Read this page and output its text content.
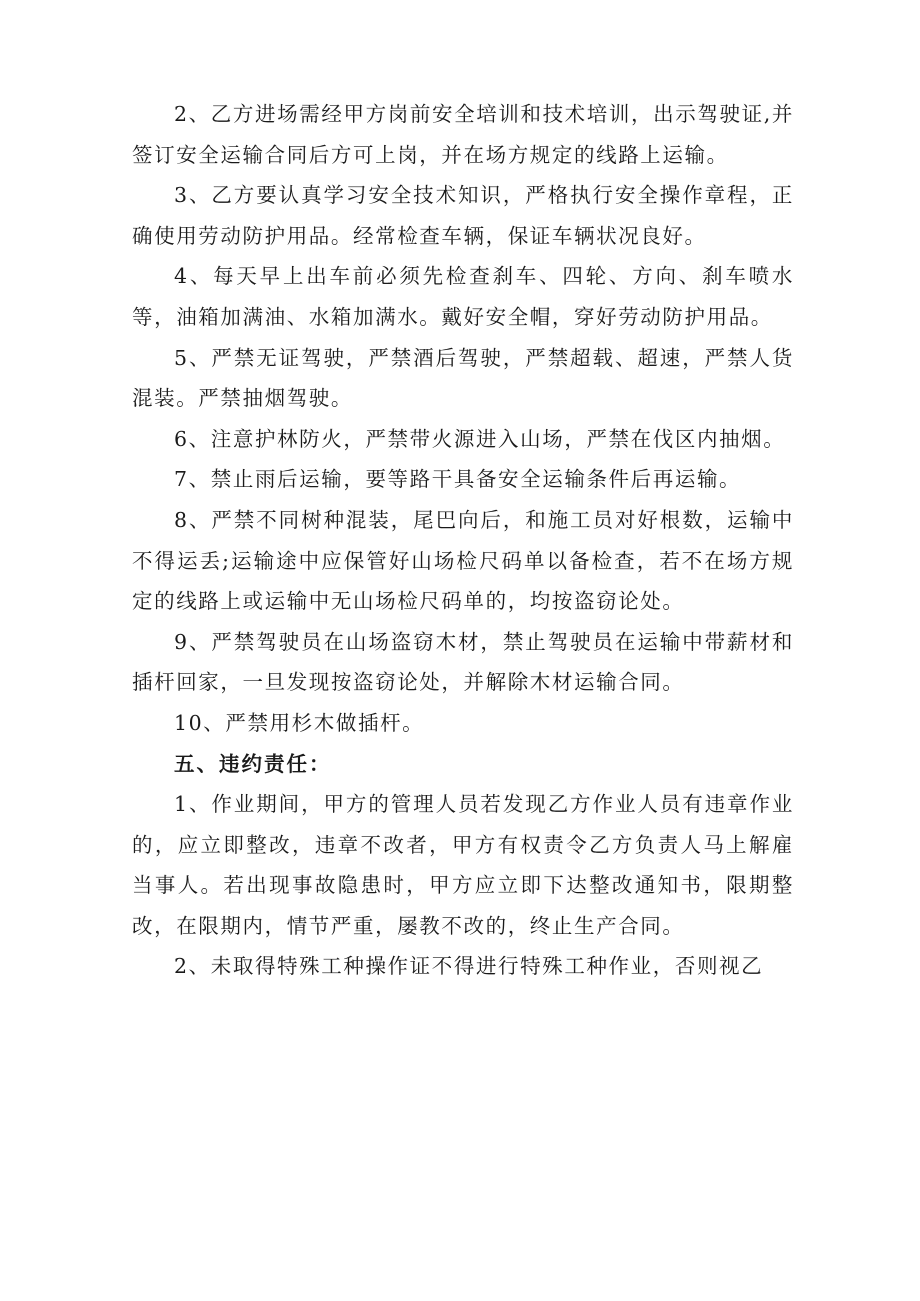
2、乙方进场需经甲方岗前安全培训和技术培训，出示驾驶证,并签订安全运输合同后方可上岗，并在场方规定的线路上运输。

3、乙方要认真学习安全技术知识，严格执行安全操作章程，正确使用劳动防护用品。经常检查车辆，保证车辆状况良好。

4、每天早上出车前必须先检查刹车、四轮、方向、刹车喷水等，油箱加满油、水箱加满水。戴好安全帽，穿好劳动防护用品。

5、严禁无证驾驶，严禁酒后驾驶，严禁超载、超速，严禁人货混装。严禁抽烟驾驶。

6、注意护林防火，严禁带火源进入山场，严禁在伐区内抽烟。

7、禁止雨后运输，要等路干具备安全运输条件后再运输。

8、严禁不同树种混装，尾巴向后，和施工员对好根数，运输中不得运丢;运输途中应保管好山场检尺码单以备检查，若不在场方规定的线路上或运输中无山场检尺码单的，均按盗窃论处。

9、严禁驾驶员在山场盗窃木材，禁止驾驶员在运输中带薪材和插杆回家，一旦发现按盗窃论处，并解除木材运输合同。

10、严禁用杉木做插杆。

五、违约责任：

1、作业期间，甲方的管理人员若发现乙方作业人员有违章作业的，应立即整改，违章不改者，甲方有权责令乙方负责人马上解雇当事人。若出现事故隐患时，甲方应立即下达整改通知书，限期整改，在限期内，情节严重，屡教不改的，终止生产合同。

2、未取得特殊工种操作证不得进行特殊工种作业，否则视乙
